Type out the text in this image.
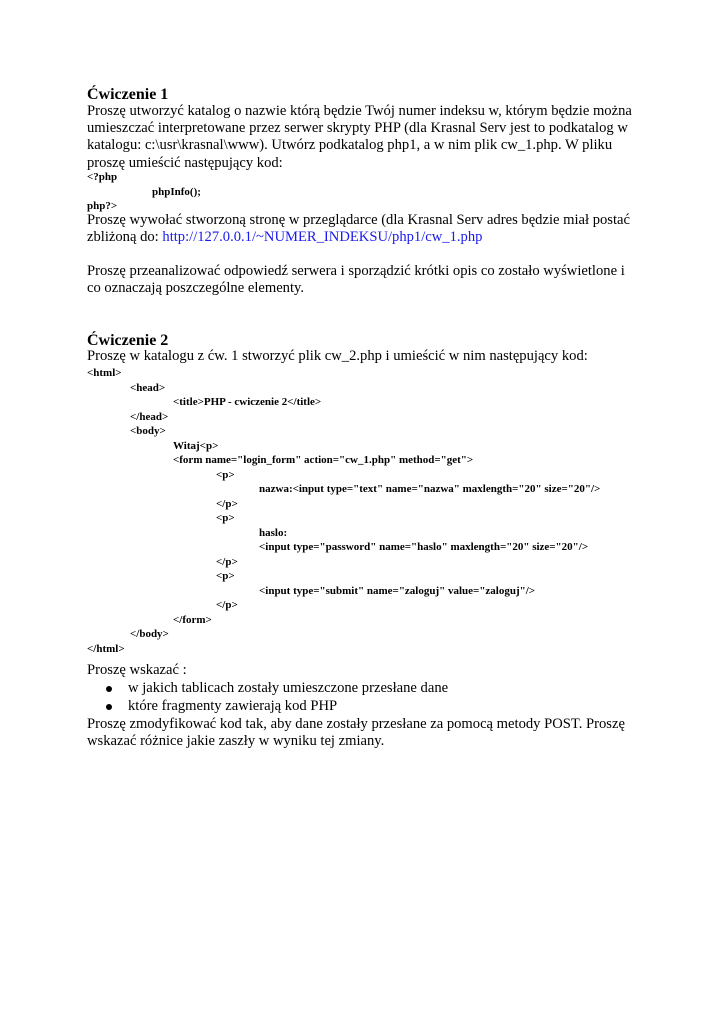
Ćwiczenie 1
Proszę utworzyć katalog o nazwie którą będzie Twój numer indeksu w, którym będzie można
umieszczać interpretowane przez serwer skrypty PHP (dla Krasnal Serv jest to podkatalog w
katalogu: c:\usr\krasnal\www). Utwórz podkatalog php1, a w nim plik cw_1.php. W pliku
proszę umieścić następujący kod:
<?php
phpInfo();
php?>
Proszę wywołać stworzoną stronę w przeglądarce (dla Krasnal Serv adres będzie miał postać
zbliżoną do: http://127.0.0.1/~NUMER_INDEKSU/php1/cw_1.php
Proszę przeanalizować odpowiedź serwera i sporządzić krótki opis co zostało wyświetlone i
co oznaczają poszczególne elementy.
Ćwiczenie 2
Proszę w katalogu z ćw. 1 stworzyć plik cw_2.php i umieścić w nim następujący kod:
<html>
<head>
<title>PHP - cwiczenie 2</title>
</head>
<body>
Witaj<p>
<form name="login_form" action="cw_1.php" method="get">
<p>
nazwa:<input type="text" name="nazwa" maxlength="20" size="20"/>
</p>
<p>
haslo:
<input type="password" name="haslo" maxlength="20" size="20"/>
</p>
<p>
<input type="submit" name="zaloguj" value="zaloguj"/>
</p>
</form>
</body>
</html>
Proszę wskazać :
w jakich tablicach zostały umieszczone przesłane dane
które fragmenty zawierają kod PHP
Proszę zmodyfikować kod tak, aby dane zostały przesłane za pomocą metody POST. Proszę
wskazać różnice jakie zaszły w wyniku tej zmiany.
